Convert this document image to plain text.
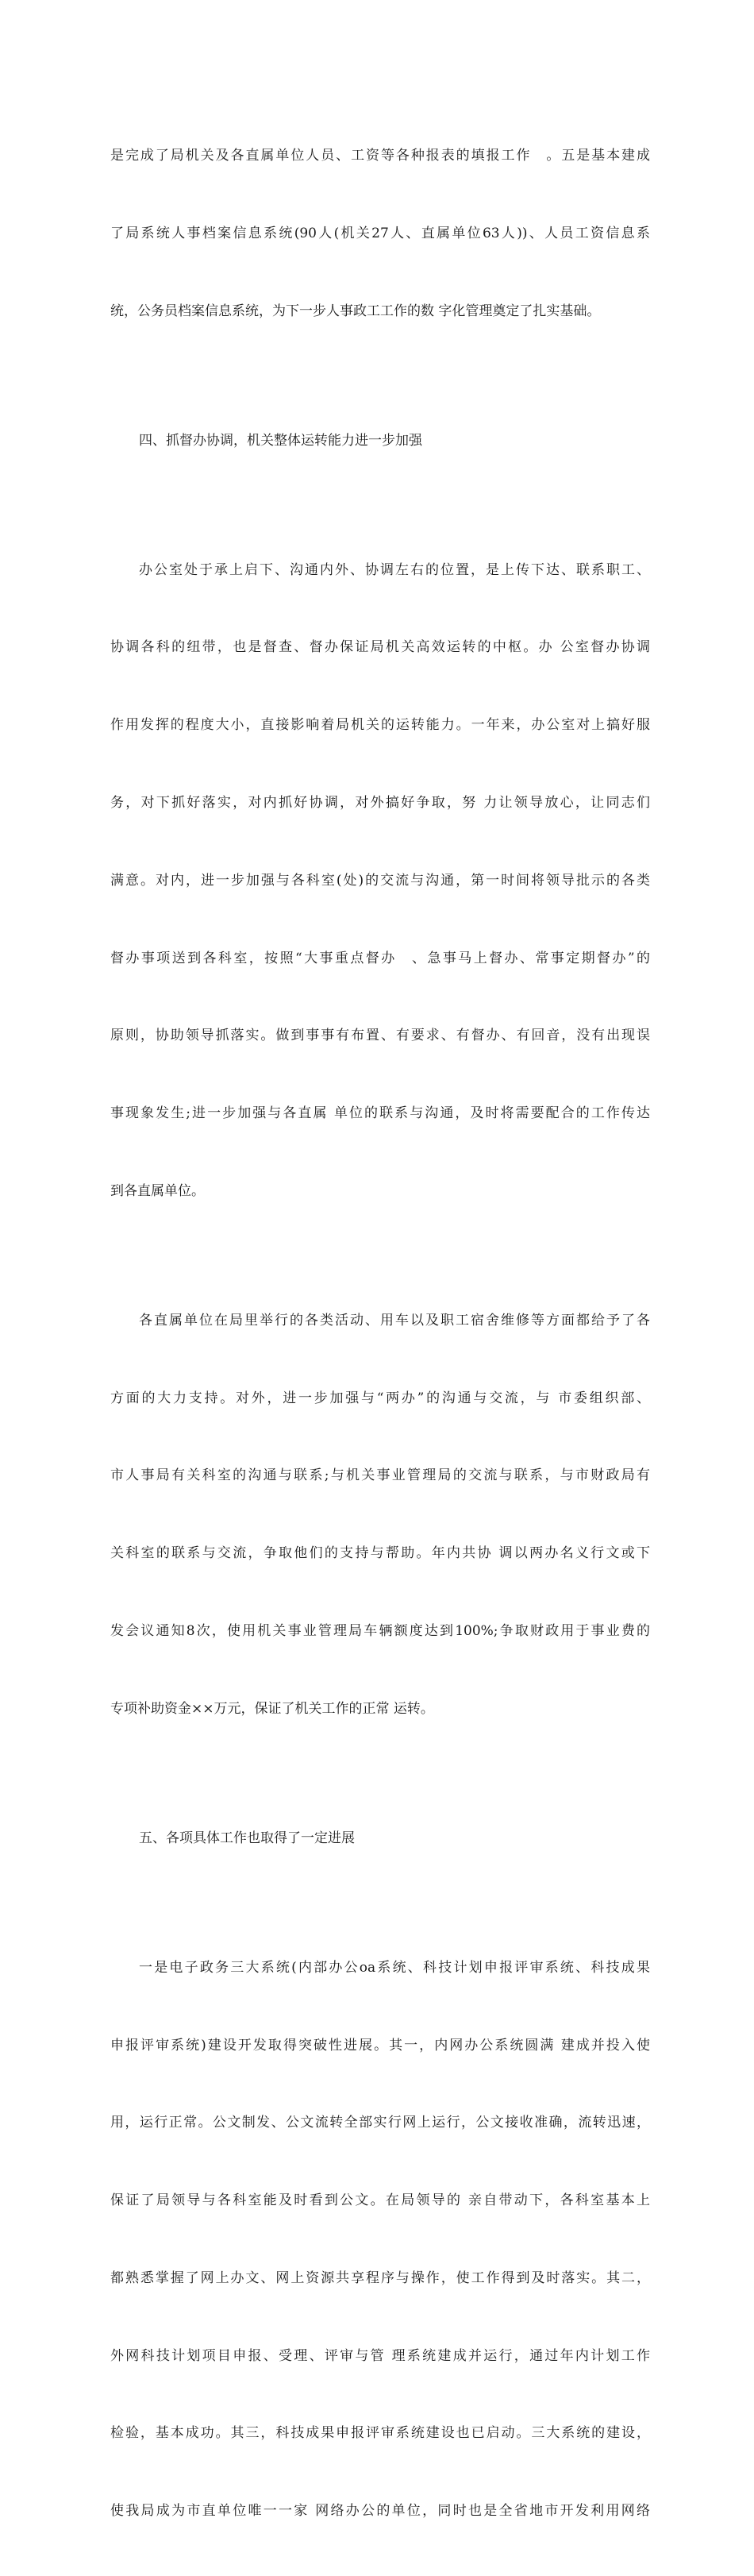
是完成了局机关及各直属单位人员、工资等各种报表的填报工作　。五是基本建成

了局系统人事档案信息系统(90人(机关27人、直属单位63人))、人员工资信息系

统，公务员档案信息系统，为下一步人事政工工作的数 字化管理奠定了扎实基础。

四、抓督办协调，机关整体运转能力进一步加强

办公室处于承上启下、沟通内外、协调左右的位置，是上传下达、联系职工、

协调各科的纽带，也是督查、督办保证局机关高效运转的中枢。办 公室督办协调

作用发挥的程度大小，直接影响着局机关的运转能力。一年来，办公室对上搞好服

务，对下抓好落实，对内抓好协调，对外搞好争取，努 力让领导放心，让同志们

满意。对内，进一步加强与各科室(处)的交流与沟通，第一时间将领导批示的各类

督办事项送到各科室，按照“大事重点督办　、急事马上督办、常事定期督办”的

原则，协助领导抓落实。做到事事有布置、有要求、有督办、有回音，没有出现误

事现象发生;进一步加强与各直属 单位的联系与沟通，及时将需要配合的工作传达

到各直属单位。

各直属单位在局里举行的各类活动、用车以及职工宿舍维修等方面都给予了各

方面的大力支持。对外，进一步加强与“两办”的沟通与交流，与 市委组织部、

市人事局有关科室的沟通与联系;与机关事业管理局的交流与联系，与市财政局有

关科室的联系与交流，争取他们的支持与帮助。年内共协 调以两办名义行文或下

发会议通知8次，使用机关事业管理局车辆额度达到100%;争取财政用于事业费的

专项补助资金××万元，保证了机关工作的正常 运转。

五、各项具体工作也取得了一定进展

一是电子政务三大系统(内部办公oa系统、科技计划申报评审系统、科技成果

申报评审系统)建设开发取得突破性进展。其一，内网办公系统圆满 建成并投入使

用，运行正常。公文制发、公文流转全部实行网上运行，公文接收准确，流转迅速，

保证了局领导与各科室能及时看到公文。在局领导的 亲自带动下，各科室基本上

都熟悉掌握了网上办文、网上资源共享程序与操作，使工作得到及时落实。其二，

外网科技计划项目申报、受理、评审与管 理系统建成并运行，通过年内计划工作

检验，基本成功。其三，科技成果申报评审系统建设也已启动。三大系统的建设，

使我局成为市直单位唯一一家 网络办公的单位，同时也是全省地市开发利用网络
